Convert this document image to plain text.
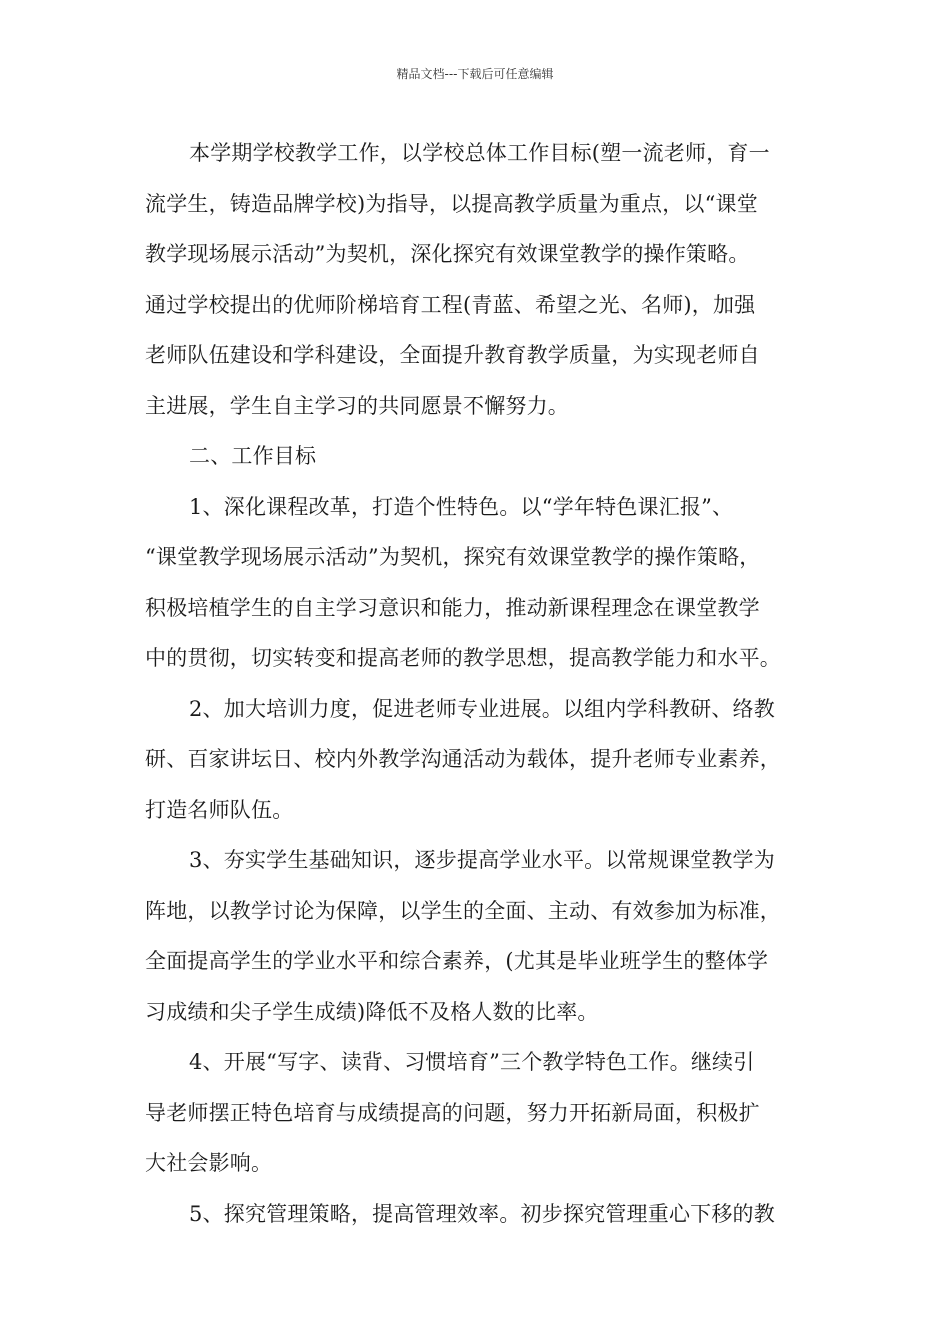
精品文档---下载后可任意编辑

本学期学校教学工作，以学校总体工作目标(塑一流老师，育一
流学生，铸造品牌学校)为指导，以提高教学质量为重点，以“课堂
教学现场展示活动”为契机，深化探究有效课堂教学的操作策略。
通过学校提出的优师阶梯培育工程(青蓝、希望之光、名师)，加强
老师队伍建设和学科建设，全面提升教育教学质量，为实现老师自
主进展，学生自主学习的共同愿景不懈努力。

二、工作目标

1、深化课程改革，打造个性特色。以“学年特色课汇报”、
“课堂教学现场展示活动”为契机，探究有效课堂教学的操作策略，
积极培植学生的自主学习意识和能力，推动新课程理念在课堂教学
中的贯彻，切实转变和提高老师的教学思想，提高教学能力和水平。

2、加大培训力度，促进老师专业进展。以组内学科教研、络教
研、百家讲坛日、校内外教学沟通活动为载体，提升老师专业素养，
打造名师队伍。

3、夯实学生基础知识，逐步提高学业水平。以常规课堂教学为
阵地，以教学讨论为保障，以学生的全面、主动、有效参加为标准，
全面提高学生的学业水平和综合素养，(尤其是毕业班学生的整体学
习成绩和尖子学生成绩)降低不及格人数的比率。

4、开展“写字、读背、习惯培育”三个教学特色工作。继续引
导老师摆正特色培育与成绩提高的问题，努力开拓新局面，积极扩
大社会影响。

5、探究管理策略，提高管理效率。初步探究管理重心下移的教
